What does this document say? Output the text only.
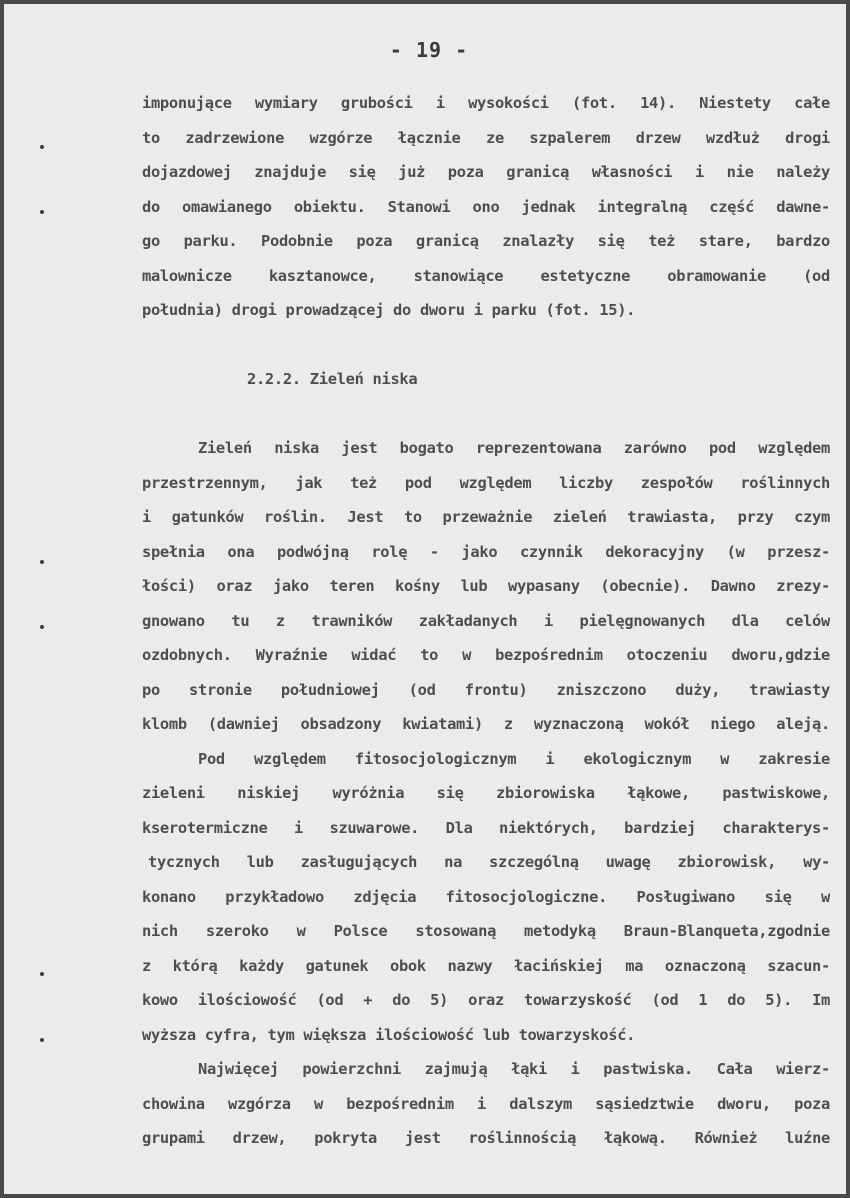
- 19 -
imponujące wymiary grubości i wysokości (fot. 14). Niestety całe
to zadrzewione wzgórze łącznie ze szpalerem drzew wzdłuż drogi
dojazdowej znajduje się już poza granicą własności i nie należy
do omawianego obiektu. Stanowi ono jednak integralną część dawne-
go parku. Podobnie poza granicą znalazły się też stare, bardzo
malownicze kasztanowce, stanowiące estetyczne obramowanie (od
południa) drogi prowadzącej do dworu i parku (fot. 15).
2.2.2. Zieleń niska
Zieleń niska jest bogato reprezentowana zarówno pod względem
przestrzennym, jak też pod względem liczby zespołów roślinnych
i gatunków roślin. Jest to przeważnie zieleń trawiasta, przy czym
spełnia ona podwójną rolę - jako czynnik dekoracyjny (w przesz-
łości) oraz jako teren kośny lub wypasany (obecnie). Dawno zrezy-
gnowano tu z trawników zakładanych i pielęgnowanych dla celów
ozdobnych. Wyraźnie widać to w bezpośrednim otoczeniu dworu,gdzie
po stronie południowej (od frontu) zniszczono duży, trawiasty
klomb (dawniej obsadzony kwiatami) z wyznaczoną wokół niego aleją.
Pod względem fitosocjologicznym i ekologicznym w zakresie
zieleni niskiej wyróżnia się zbiorowiska łąkowe, pastwiskowe,
kserotermiczne i szuwarowe. Dla niektórych, bardziej charakterys-
tycznych lub zasługujących na szczególną uwagę zbiorowisk, wy-
konano przykładowo zdjęcia fitosocjologiczne. Posługiwano się w
nich szeroko w Polsce stosowaną metodyką Braun-Blanqueta,zgodnie
z którą każdy gatunek obok nazwy łacińskiej ma oznaczoną szacun-
kowo ilościowość (od + do 5) oraz towarzyskość (od 1 do 5). Im
wyższa cyfra, tym większa ilościowość lub towarzyskość.
Najwięcej powierzchni zajmują łąki i pastwiska. Cała wierz-
chowina wzgórza w bezpośrednim i dalszym sąsiedztwie dworu, poza
grupami drzew, pokryta jest roślinnością łąkową. Również luźne
